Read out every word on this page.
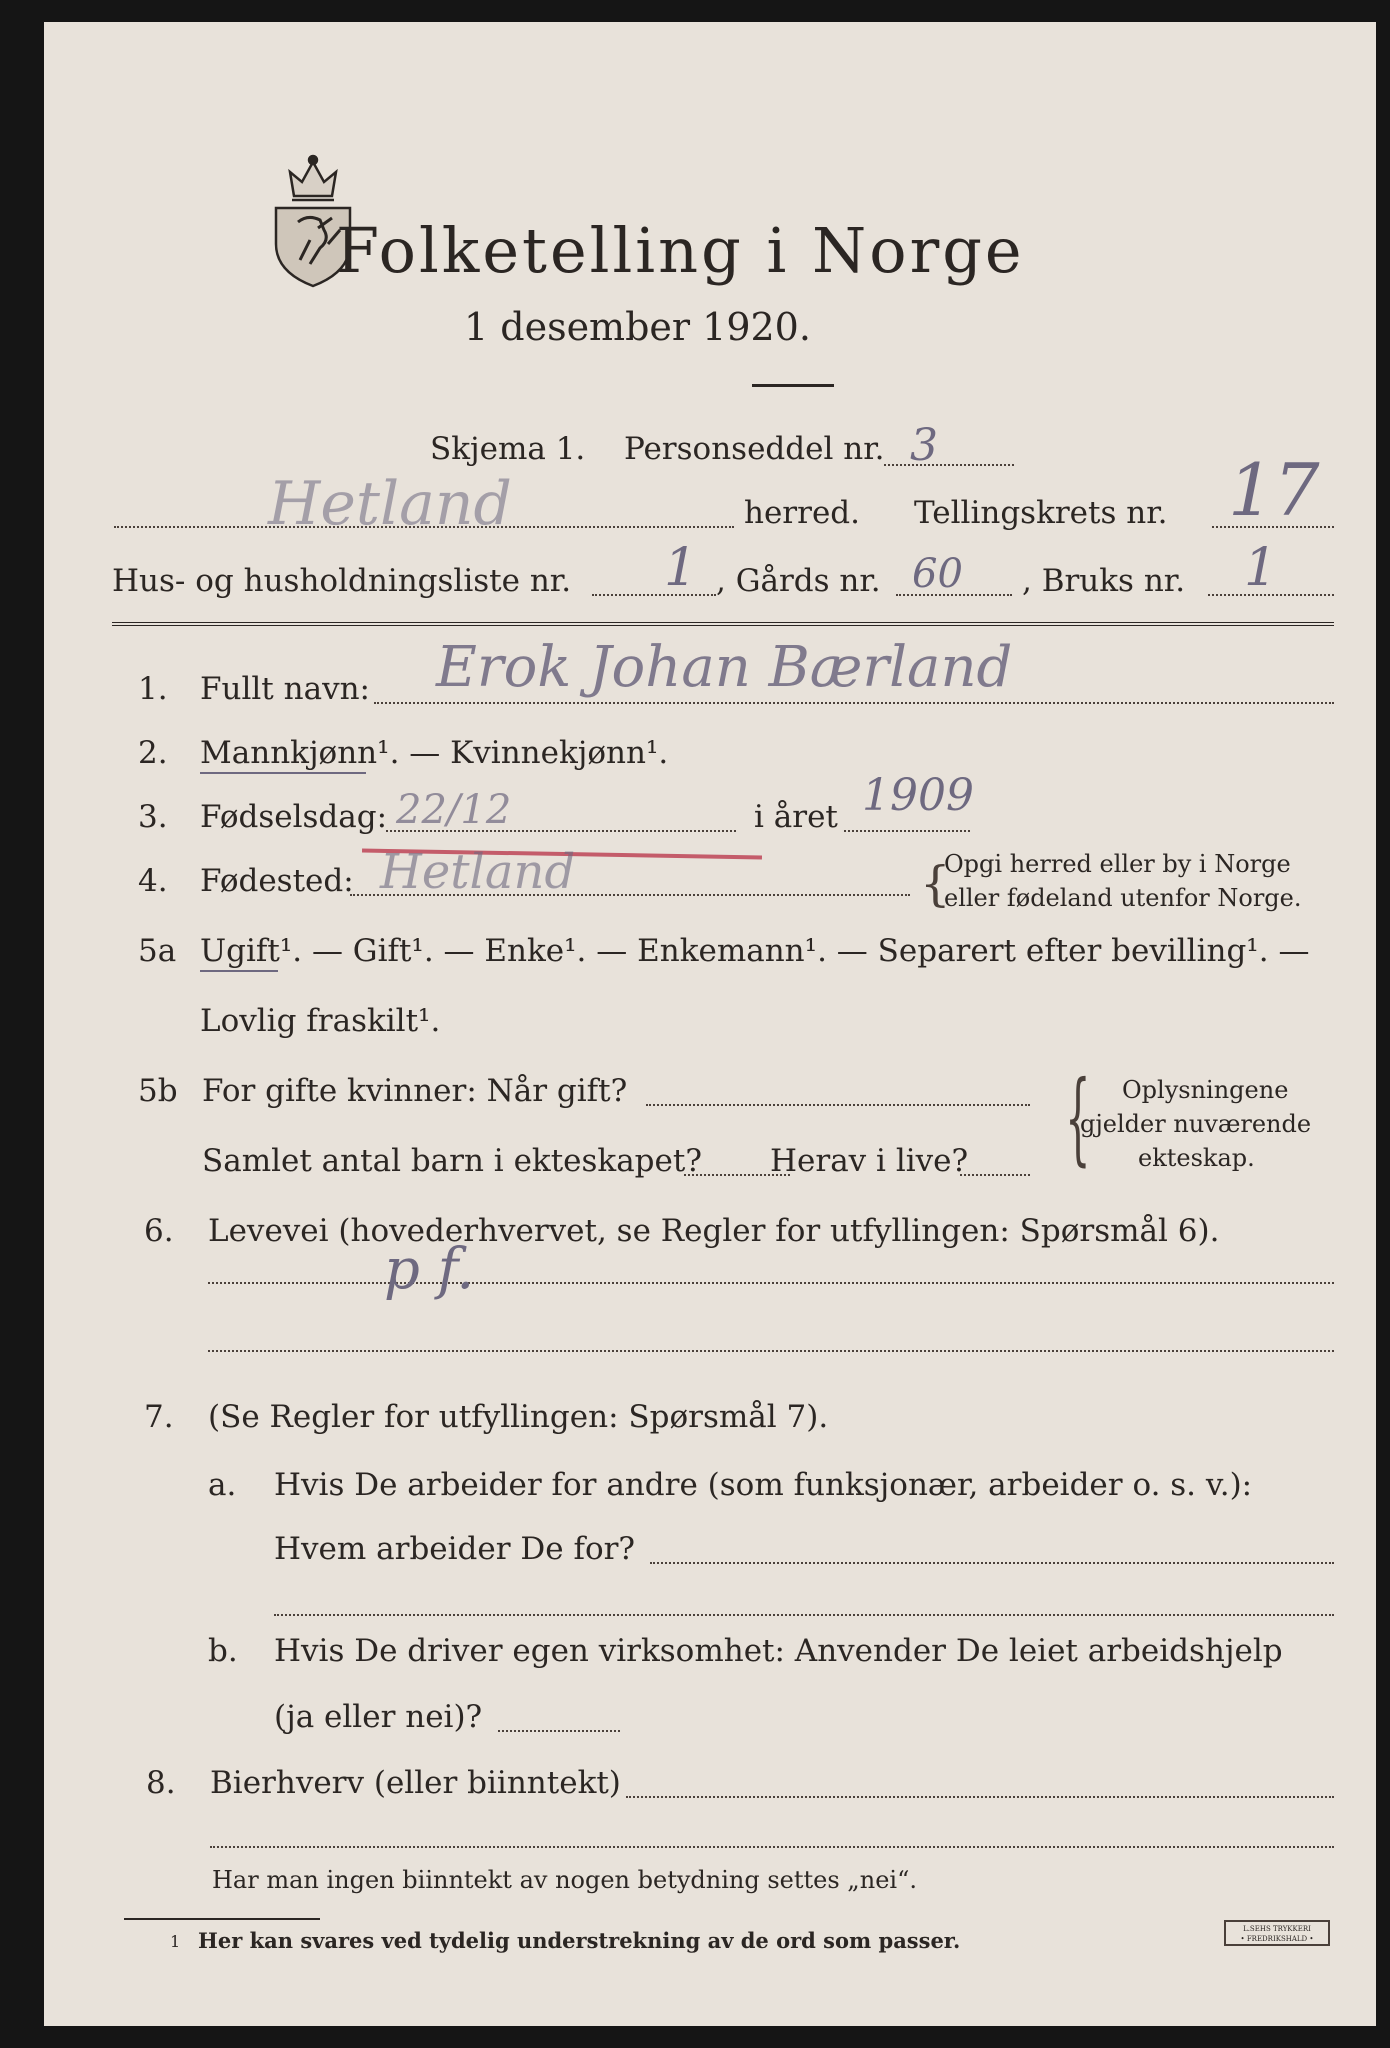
Folketelling i Norge
1 desember 1920.
Skjema 1. Personseddel nr. 3
Hetland	herred. Tellingskrets nr. 17
Hus- og husholdningsliste nr. 1 , Gårds nr. 60 , Bruks nr. 1
1. Fullt navn: Erok Johan Bærland
2. Mannkjønn¹. — Kvinnekjønn¹.
3. Fødselsdag: 22/12	i året 1909
4. Fødested: Hetland	{
Opgi herred eller by i Norge
eller fødeland utenfor Norge.
5a Ugift¹. — Gift¹. — Enke¹. — Enkemann¹. — Separert efter bevilling¹. —
Lovlig fraskilt¹.
5b For gifte kvinner: Når gift?
Samlet antal barn i ekteskapet? Herav i live? { Oplysningene
gjelder nuværende
ekteskap.
6. Levevei (hovederhvervet, se Regler for utfyllingen: Spørsmål 6).
p f.
7. (Se Regler for utfyllingen: Spørsmål 7).
a. Hvis De arbeider for andre (som funksjonær, arbeider o. s. v.):
Hvem arbeider De for?
b. Hvis De driver egen virksomhet: Anvender De leiet arbeidshjelp
(ja eller nei)?
8. Bierhverv (eller biinntekt)
Har man ingen biinntekt av nogen betydning settes „nei“.
1 Her kan svares ved tydelig understrekning av de ord som passer.	L.SEHS TRYKKERI
• FREDRIKSHALD •
